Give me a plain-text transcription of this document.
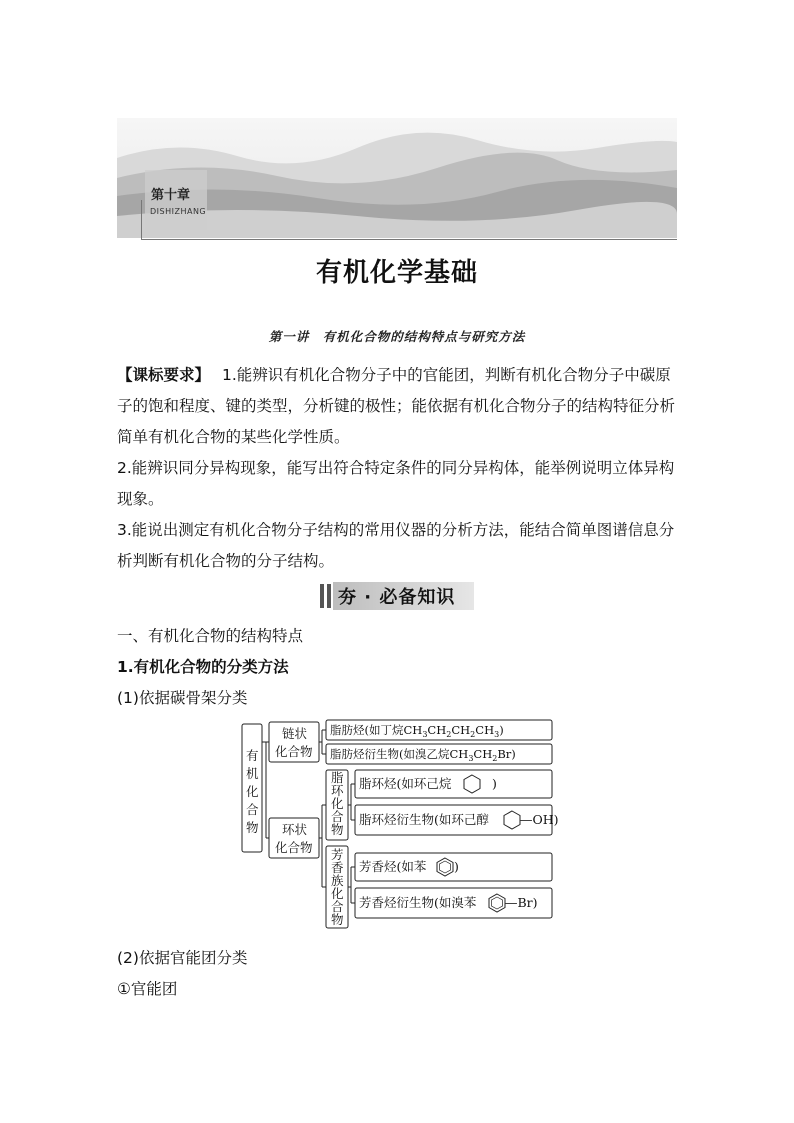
第十章
DISHIZHANG
有机化学基础
第一讲　有机化合物的结构特点与研究方法
【课标要求】 1.能辨识有机化合物分子中的官能团，判断有机化合物分子中碳原子的饱和程度、键的类型，分析键的极性；能依据有机化合物分子的结构特征分析简单有机化合物的某些化学性质。
2.能辨识同分异构现象，能写出符合特定条件的同分异构体，能举例说明立体异构现象。
3.能说出测定有机化合物分子结构的常用仪器的分析方法，能结合简单图谱信息分析判断有机化合物的分子结构。
夯 · 必备知识
一、有机化合物的结构特点
1.有机化合物的分类方法
(1)依据碳骨架分类
有
机
化
合
物
链状
化合物
环状
化合物
脂
环
化
合
物
芳
香
族
化
合
物
脂肪烃(如丁烷$CH_3CH_2CH_2CH_3$)
脂肪烃衍生物(如溴乙烷$CH_3CH_2Br$)
脂环烃(如环己烷	)
脂环烃衍生物(如环己醇 —OH)
芳香烃(如苯 )
芳香烃衍生物(如溴苯 —Br)
(2)依据官能团分类
①官能团
